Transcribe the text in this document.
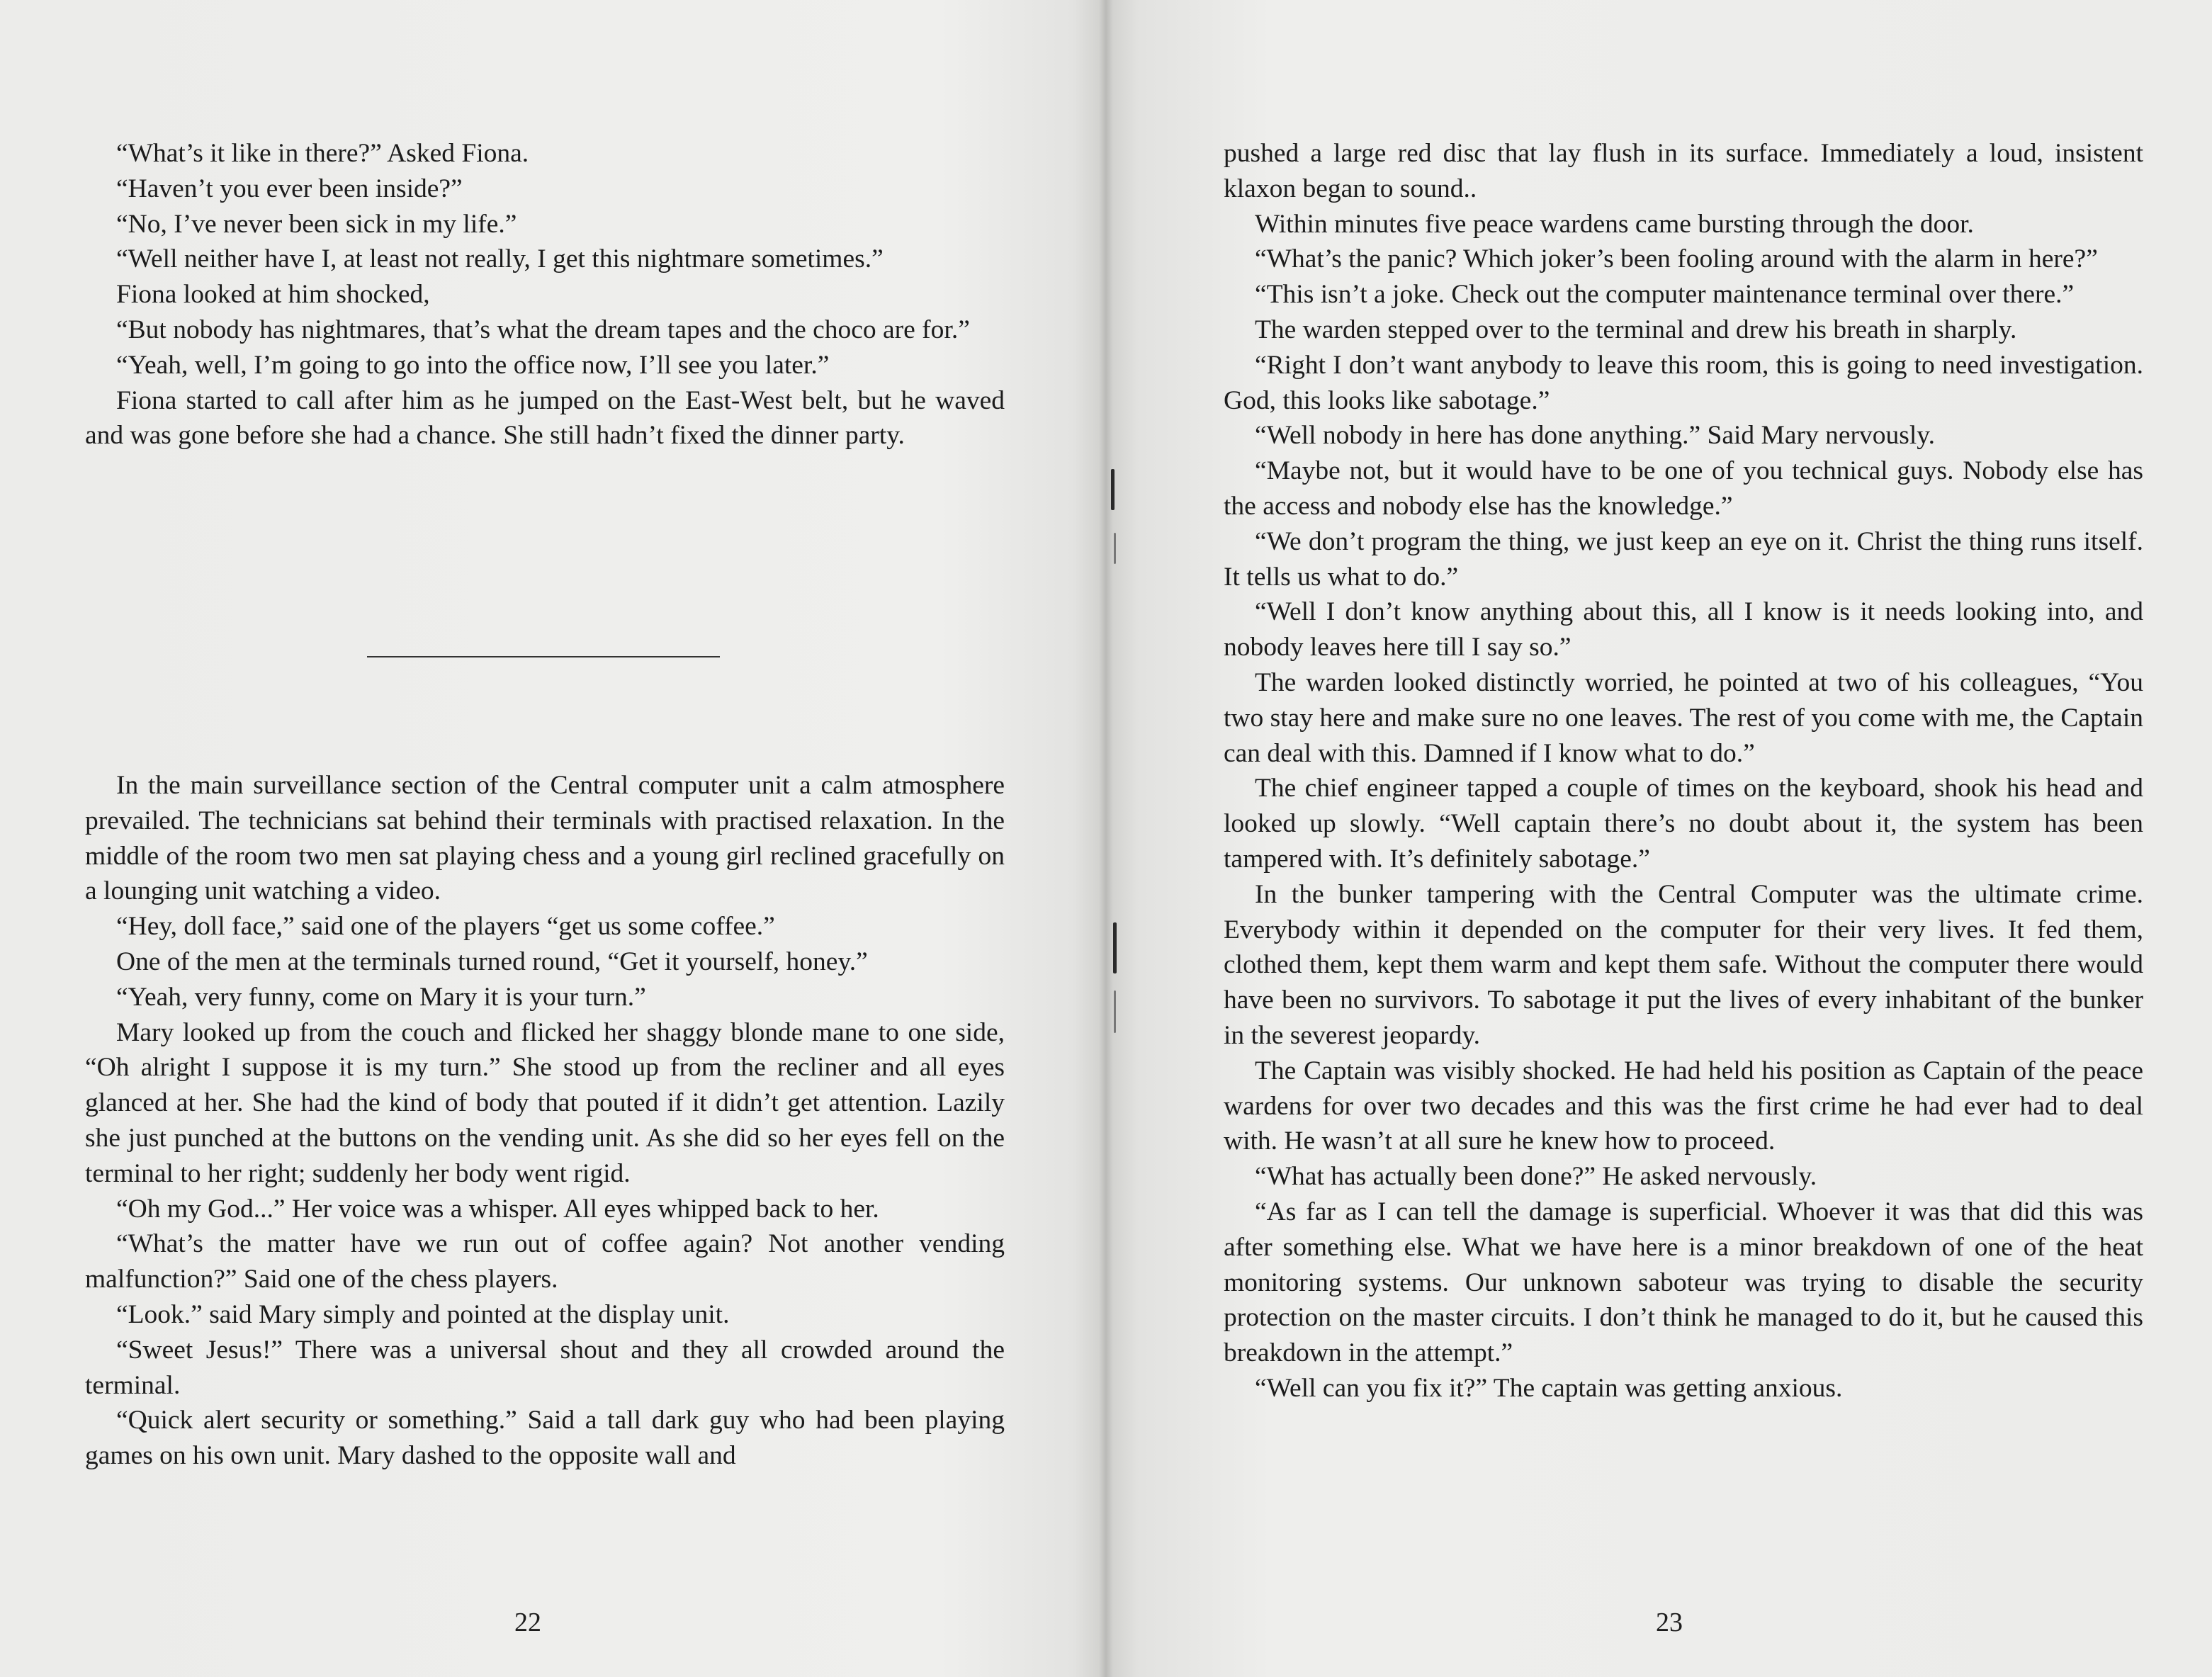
“What’s it like in there?” Asked Fiona.

“Haven’t you ever been inside?”

“No, I’ve never been sick in my life.”

“Well neither have I, at least not really, I get this nightmare sometimes.”

Fiona looked at him shocked,

“But nobody has nightmares, that’s what the dream tapes and the choco are for.”

“Yeah, well, I’m going to go into the office now, I’ll see you later.”

Fiona started to call after him as he jumped on the East-West belt, but he waved and was gone before she had a chance. She still hadn’t fixed the dinner party.

In the main surveillance section of the Central computer unit a calm atmosphere prevailed. The technicians sat behind their terminals with practised relaxation. In the middle of the room two men sat playing chess and a young girl reclined gracefully on a lounging unit watching a video.

“Hey, doll face,” said one of the players “get us some coffee.”

One of the men at the terminals turned round, “Get it yourself, honey.”

“Yeah, very funny, come on Mary it is your turn.”

Mary looked up from the couch and flicked her shaggy blonde mane to one side, “Oh alright I suppose it is my turn.” She stood up from the recliner and all eyes glanced at her. She had the kind of body that pouted if it didn’t get attention. Lazily she just punched at the buttons on the vending unit. As she did so her eyes fell on the terminal to her right; suddenly her body went rigid.

“Oh my God...” Her voice was a whisper. All eyes whipped back to her.

“What’s the matter have we run out of coffee again? Not another vending malfunction?” Said one of the chess players.

“Look.” said Mary simply and pointed at the display unit.

“Sweet Jesus!” There was a universal shout and they all crowded around the terminal.

“Quick alert security or something.” Said a tall dark guy who had been playing games on his own unit. Mary dashed to the opposite wall and

22

pushed a large red disc that lay flush in its surface. Immediately a loud, insistent klaxon began to sound..

Within minutes five peace wardens came bursting through the door.

“What’s the panic? Which joker’s been fooling around with the alarm in here?”

“This isn’t a joke. Check out the computer maintenance terminal over there.”

The warden stepped over to the terminal and drew his breath in sharply.

“Right I don’t want anybody to leave this room, this is going to need investigation. God, this looks like sabotage.”

“Well nobody in here has done anything.” Said Mary nervously.

“Maybe not, but it would have to be one of you technical guys. Nobody else has the access and nobody else has the knowledge.”

“We don’t program the thing, we just keep an eye on it. Christ the thing runs itself. It tells us what to do.”

“Well I don’t know anything about this, all I know is it needs looking into, and nobody leaves here till I say so.”

The warden looked distinctly worried, he pointed at two of his colleagues, “You two stay here and make sure no one leaves. The rest of you come with me, the Captain can deal with this. Damned if I know what to do.”

The chief engineer tapped a couple of times on the keyboard, shook his head and looked up slowly. “Well captain there’s no doubt about it, the system has been tampered with. It’s definitely sabotage.”

In the bunker tampering with the Central Computer was the ultimate crime. Everybody within it depended on the computer for their very lives. It fed them, clothed them, kept them warm and kept them safe. Without the computer there would have been no survivors. To sabotage it put the lives of every inhabitant of the bunker in the severest jeopardy.

The Captain was visibly shocked. He had held his position as Captain of the peace wardens for over two decades and this was the first crime he had ever had to deal with. He wasn’t at all sure he knew how to proceed.

“What has actually been done?” He asked nervously.

“As far as I can tell the damage is superficial. Whoever it was that did this was after something else. What we have here is a minor breakdown of one of the heat monitoring systems. Our unknown saboteur was trying to disable the security protection on the master circuits. I don’t think he managed to do it, but he caused this breakdown in the attempt.”

“Well can you fix it?” The captain was getting anxious.

23
